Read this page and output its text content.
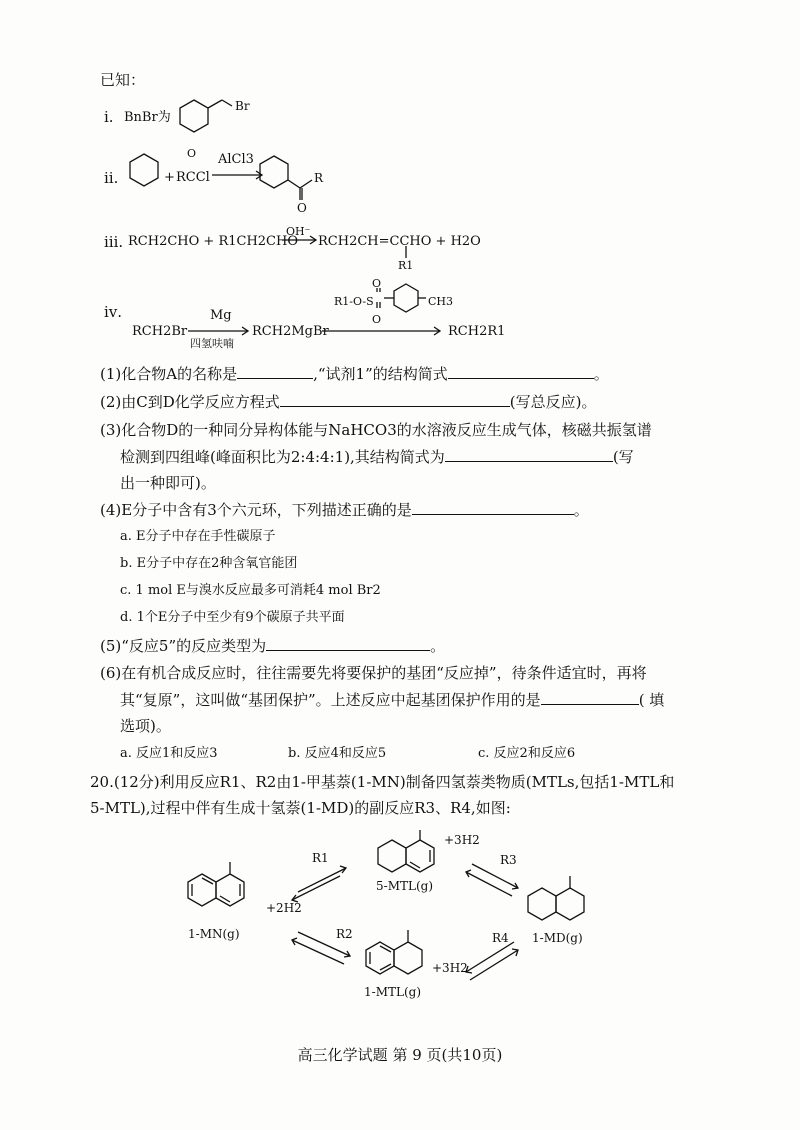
已知：
ⅰ. BnBr为
Br
ⅱ.	+
O
RCCl
AlCl3
R
O
ⅲ. RCH2CHO + R1CH2CHO
OH⁻
RCH2CH=CCHO + H2O
R1
ⅳ.
R1-O-S
O
O
CH3
RCH2Br
Mg
四氢呋喃
RCH2MgBr	RCH2R1
(1)化合物A的名称是	,“试剂1”的结构简式	。
(2)由C到D化学反应方程式	(写总反应)。
(3)化合物D的一种同分异构体能与NaHCO3的水溶液反应生成气体，核磁共振氢谱
检测到四组峰(峰面积比为2:4:4:1),其结构简式为	(写
出一种即可)。
(4)E分子中含有3个六元环，下列描述正确的是	。
a. E分子中存在手性碳原子
b. E分子中存在2种含氧官能团
c. 1 mol E与溴水反应最多可消耗4 mol Br2
d. 1个E分子中至少有9个碳原子共平面
(5)“反应5”的反应类型为	。
(6)在有机合成反应时，往往需要先将要保护的基团“反应掉”，待条件适宜时，再将
其“复原”，这叫做“基团保护”。上述反应中起基团保护作用的是	( 填
选项)。
a. 反应1和反应3	b. 反应4和反应5	c. 反应2和反应6
20.(12分)利用反应R1、R2由1-甲基萘(1-MN)制备四氢萘类物质(MTLs,包括1-MTL和
5-MTL),过程中伴有生成十氢萘(1-MD)的副反应R3、R4,如图:
1-MN(g)
+2H2
R1
R2
+3H2
5-MTL(g)
R3
1-MD(g)
R4
+3H2
1-MTL(g)
高三化学试题 第 9 页(共10页)
